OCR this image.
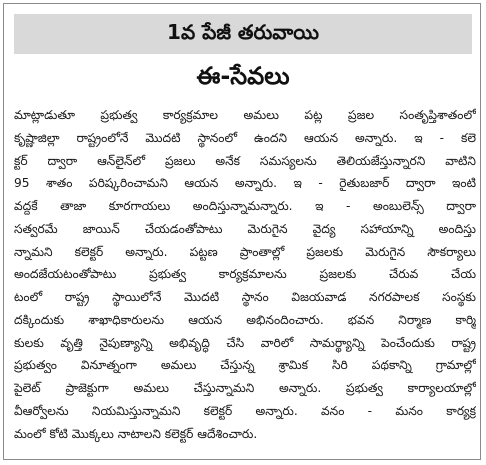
1వ పేజీ తరువాయి
ఈ-సేవలు
మాట్లాడుతూ ప్రభుత్వ కార్యక్రమాల అమలు పట్ల ప్రజల సంతృప్తిశాతంలో
కృష్ణాజిల్లా రాష్ట్రంలోనే మొదటి స్థానంలో ఉందని ఆయన అన్నారు. ఇ - కలె
క్టర్ ద్వారా ఆన్‌లైన్‌లో ప్రజలు అనేక సమస్యలను తెలియజేస్తున్నారని వాటిని
95 శాతం పరిష్కరించామని ఆయన అన్నారు. ఇ - రైతుబజార్ ద్వారా ఇంటి
వద్దకే తాజా కూరగాయలు అందిస్తున్నామన్నారు. ఇ - అంబులెన్స్ ద్వారా
సత్వరమే జాయిన్ చేయడంతోపాటు మెరుగైన వైద్య సహాయాన్ని అందిస్తు
న్నామని కలెక్టర్ అన్నారు. పట్టణ ప్రాంతాల్లో ప్రజలకు మెరుగైన సౌకర్యాలు
అందజేయటంతోపాటు ప్రభుత్వ కార్యక్రమాలను ప్రజలకు చేరువ చేయ
టంలో రాష్ట్ర స్థాయిలోనే మొదటి స్థానం విజయవాడ నగరపాలక సంస్థకు
దక్కిందుకు శాఖాధికారులను ఆయన అభినందించారు. భవన నిర్మాణ కార్మి
కులకు వృత్తి నైపుణ్యాన్ని అభివృద్ధి చేసి వారిలో సామర్థ్యాన్ని పెంచేందుకు రాష్ట్ర
ప్రభుత్వం వినూత్నంగా అమలు చేస్తున్న శ్రామిక సిరి పథకాన్ని గ్రామాల్లో
పైలెట్ ప్రాజెక్టుగా అమలు చేస్తున్నామని అన్నారు. ప్రభుత్వ కార్యాలయాల్లో
వీఆర్వోలను నియమిస్తున్నామని కలెక్టర్ అన్నారు. వనం - మనం కార్యక్ర
మంలో కోటి మొక్కలు నాటాలని కలెక్టర్ ఆదేశించారు.
